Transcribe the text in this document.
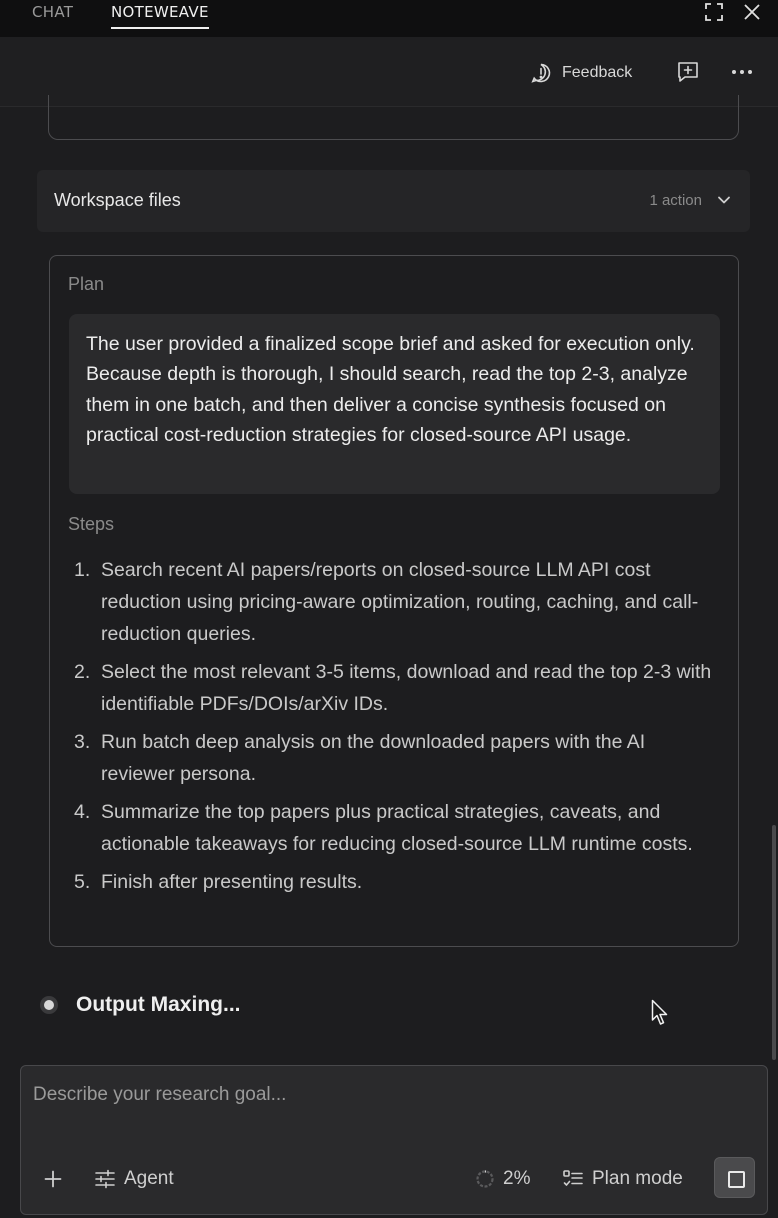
CHAT	NOTEWEAVE
Feedback
Workspace files	1 action
Plan

The user provided a finalized scope brief and asked for execution only. Because depth is thorough, I should search, read the top 2-3, analyze them in one batch, and then deliver a concise synthesis focused on practical cost-reduction strategies for closed-source API usage.

Steps
1. Search recent AI papers/reports on closed-source LLM API cost reduction using pricing-aware optimization, routing, caching, and call-reduction queries.
2. Select the most relevant 3-5 items, download and read the top 2-3 with identifiable PDFs/DOIs/arXiv IDs.
3. Run batch deep analysis on the downloaded papers with the AI reviewer persona.
4. Summarize the top papers plus practical strategies, caveats, and actionable takeaways for reducing closed-source LLM runtime costs.
5. Finish after presenting results.
Output Maxing...
Describe your research goal...
Agent	2%	Plan mode
